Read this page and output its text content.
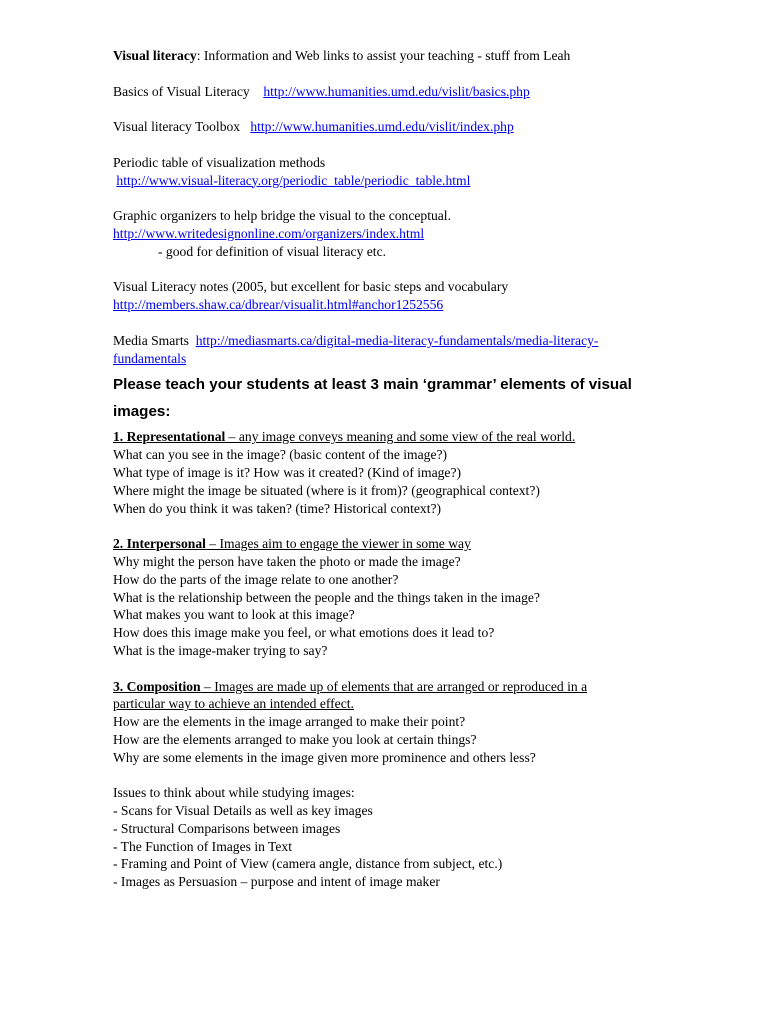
Visual literacy: Information and Web links to assist your teaching - stuff from Leah
Basics of Visual Literacy http://www.humanities.umd.edu/vislit/basics.php
Visual literacy Toolbox http://www.humanities.umd.edu/vislit/index.php
Periodic table of visualization methods
http://www.visual-literacy.org/periodic_table/periodic_table.html
Graphic organizers to help bridge the visual to the conceptual.
http://www.writedesignonline.com/organizers/index.html
- good for definition of visual literacy etc.
Visual Literacy notes (2005, but excellent for basic steps and vocabulary
http://members.shaw.ca/dbrear/visualit.html#anchor1252556
Media Smarts http://mediasmarts.ca/digital-media-literacy-fundamentals/media-literacy-
fundamentals
Please teach your students at least 3 main ‘grammar’ elements of visual images:
1. Representational – any image conveys meaning and some view of the real world.
What can you see in the image? (basic content of the image?)
What type of image is it? How was it created? (Kind of image?)
Where might the image be situated (where is it from)? (geographical context?)
When do you think it was taken? (time? Historical context?)
2. Interpersonal – Images aim to engage the viewer in some way
Why might the person have taken the photo or made the image?
How do the parts of the image relate to one another?
What is the relationship between the people and the things taken in the image?
What makes you want to look at this image?
How does this image make you feel, or what emotions does it lead to?
What is the image-maker trying to say?
3. Composition – Images are made up of elements that are arranged or reproduced in a
particular way to achieve an intended effect.
How are the elements in the image arranged to make their point?
How are the elements arranged to make you look at certain things?
Why are some elements in the image given more prominence and others less?
Issues to think about while studying images:
- Scans for Visual Details as well as key images
- Structural Comparisons between images
- The Function of Images in Text
- Framing and Point of View (camera angle, distance from subject, etc.)
- Images as Persuasion – purpose and intent of image maker
